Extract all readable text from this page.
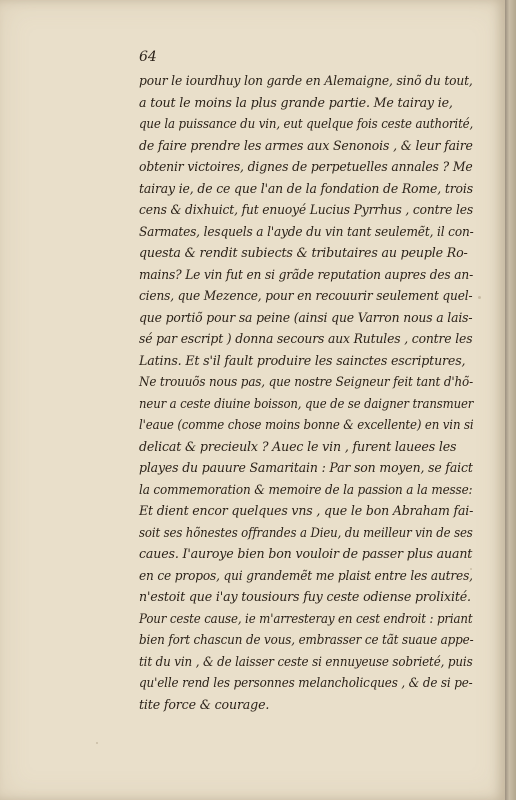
64
pour le iourdhuy lon garde en Alemaigne, sinõ du tout,
a tout le moins la plus grande partie. Me tairay ie,
que la puissance du vin, eut quelque fois ceste authorité,
de faire prendre les armes aux Senonois , & leur faire
obtenir victoires, dignes de perpetuelles annales ? Me
tairay ie, de ce que l'an de la fondation de Rome, trois
cens & dixhuict, fut enuoyé Lucius Pyrrhus , contre les
Sarmates, lesquels a l'ayde du vin tant seulemẽt, il con-
questa & rendit subiects & tributaires au peuple Ro-
mains? Le vin fut en si grãde reputation aupres des an-
ciens, que Mezence, pour en recouurir seulement quel-
que portiõ pour sa peine (ainsi que Varron nous a lais-
sé par escript ) donna secours aux Rutules , contre les
Latins. Et s'il fault produire les sainctes escriptures,
Ne trouuõs nous pas, que nostre Seigneur feit tant d'hõ-
neur a ceste diuine boisson, que de se daigner transmuer
l'eaue (comme chose moins bonne & excellente) en vin si
delicat & precieulx ? Auec le vin , furent lauees les
playes du pauure Samaritain : Par son moyen, se faict
la commemoration & memoire de la passion a la messe:
Et dient encor quelques vns , que le bon Abraham fai-
soit ses hõnestes offrandes a Dieu, du meilleur vin de ses
caues. I'auroye bien bon vouloir de passer plus auant
en ce propos, qui grandemẽt me plaist entre les autres,
n'estoit que i'ay tousiours fuy ceste odiense prolixité.
Pour ceste cause, ie m'arresteray en cest endroit : priant
bien fort chascun de vous, embrasser ce tãt suaue appe-
tit du vin , & de laisser ceste si ennuyeuse sobrieté, puis
qu'elle rend les personnes melancholicques , & de si pe-
tite force & courage.
